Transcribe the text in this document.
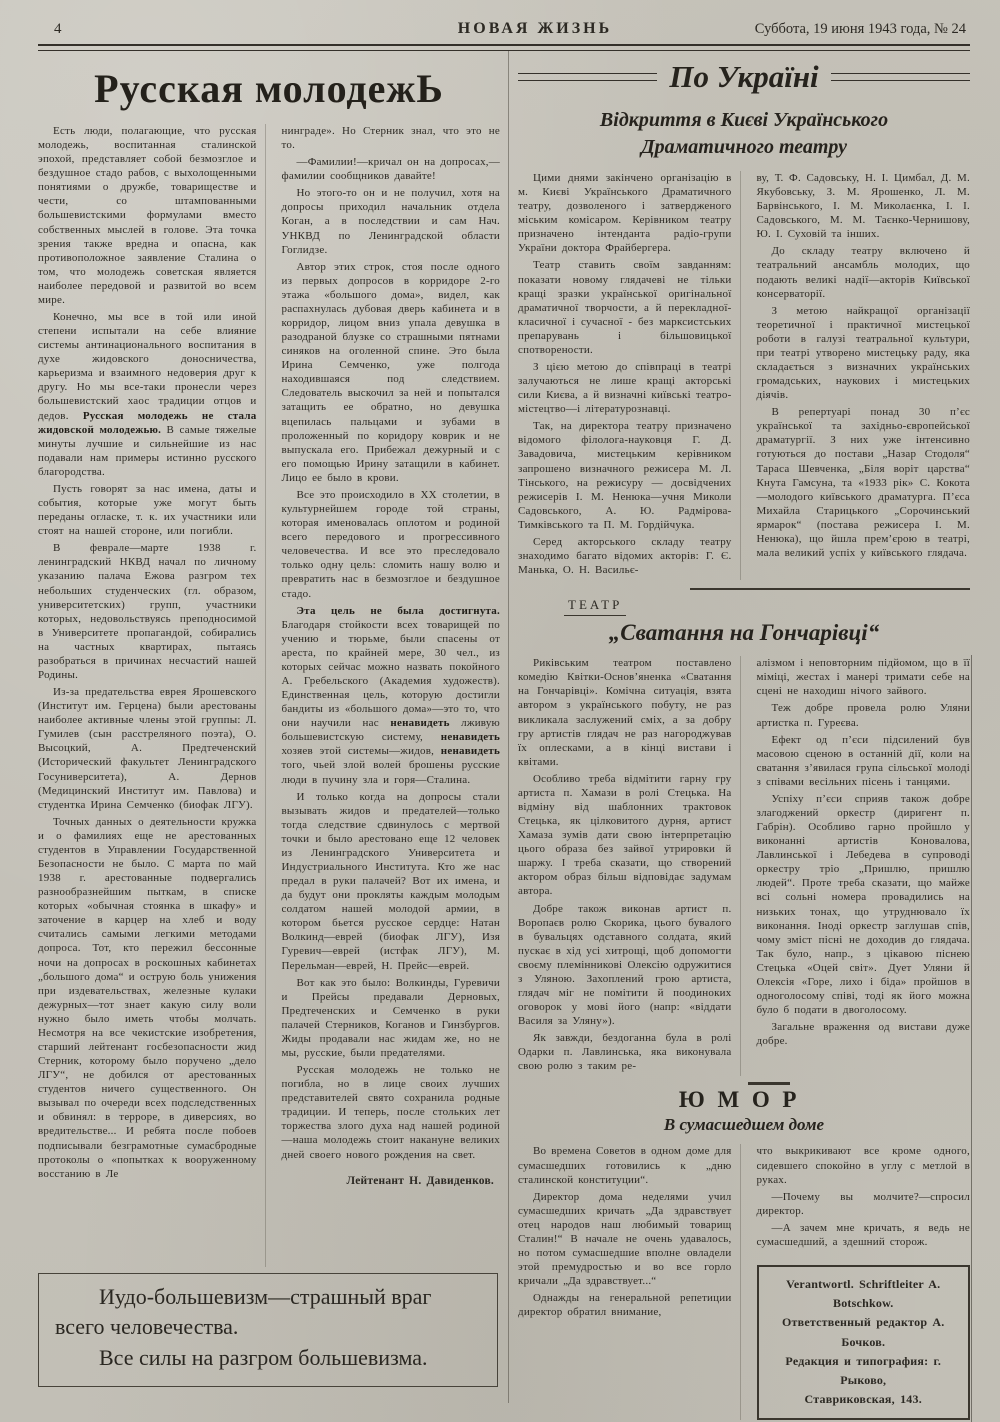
4	НОВАЯ ЖИЗНЬ	Суббота, 19 июня 1943 года, № 24
Русская молодежЬ

Есть люди, полагающие, что русская молодежь, воспитанная сталинской эпохой, представляет собой безмозглое и бездушное стадо рабов, с выхолощенными понятиями о дружбе, товариществе и чести, со штампованными большевистскими формулами вместо собственных мыслей в голове. Эта точка зрения также вредна и опасна, как противоположное заявление Сталина о том, что молодежь советская является наиболее передовой и развитой во всем мире.

Конечно, мы все в той или иной степени испытали на себе влияние системы антинационального воспитания в духе жидовского доносничества, карьеризма и взаимного недоверия друг к другу. Но мы все-таки пронесли через большевистский хаос традиции отцов и дедов. Русская молодежь не стала жидовской молодежью. В самые тяжелые минуты лучшие и сильнейшие из нас подавали нам примеры истинно русского благородства.

Пусть говорят за нас имена, даты и события, которые уже могут быть переданы огласке, т. к. их участники или стоят на нашей стороне, или погибли.

В феврале—марте 1938 г. ленинградский НКВД начал по личному указанию палача Ежова разгром тех небольших студенческих (гл. образом, университетских) групп, участники которых, недовольствуясь преподносимой в Университете пропагандой, собирались на частных квартирах, пытаясь разобраться в причинах несчастий нашей Родины.

Из-за предательства еврея Ярошевского (Институт им. Герцена) были арестованы наиболее активные члены этой группы: Л. Гумилев (сын расстреляного поэта), О. Высоцкий, А. Предтеченский (Исторический факультет Ленинградского Госуниверситета), А. Дернов (Медицинский Институт им. Павлова) и студентка Ирина Семченко (биофак ЛГУ).

Точных данных о деятельности кружка и о фамилиях еще не арестованных студентов в Управлении Государственной Безопасности не было. С марта по май 1938 г. арестованные подвергались разнообразнейшим пыткам, в списке которых «обычная стоянка в шкафу» и заточение в карцер на хлеб и воду считались самыми легкими методами допроса. Тот, кто пережил бессонные ночи на допросах в роскошных кабинетах „большого дома“ и острую боль унижения при издевательствах, железные кулаки дежурных—тот знает какую силу воли нужно было иметь чтобы молчать. Несмотря на все чекистские изобретения, старший лейтенант госбезопасности жид Стерник, которому было поручено „дело ЛГУ“, не добился от арестованных студентов ничего существенного. Он вызывал по очереди всех подследственных и обвинял: в терроре, в диверсиях, во вредительстве... И ребята после побоев подписывали безграмотные сумасбродные протоколы о «попытках к вооруженному восстанию в Ле

нинграде». Но Стерник знал, что это не то.

—Фамилии!—кричал он на допросах,—фамилии сообщников давайте!

Но этого-то он и не получил, хотя на допросы приходил начальник отдела Коган, а в последствии и сам Нач. УНКВД по Ленинградской области Гоглидзе.

Автор этих строк, стоя после одного из первых допросов в корридоре 2-го этажа «большого дома», видел, как распахнулась дубовая дверь кабинета и в корридор, лицом вниз упала девушка в разодраной блузке со страшными пятнами синяков на оголенной спине. Это была Ирина Семченко, уже полгода находившаяся под следствием. Следователь выскочил за ней и попытался затащить ее обратно, но девушка вцепилась пальцами и зубами в проложенный по коридору коврик и не выпускала его. Прибежал дежурный и с его помощью Ирину затащили в кабинет. Лицо ее было в крови.

Все это происходило в XX столетии, в культурнейшем городе той страны, которая именовалась оплотом и родиной всего передового и прогрессивного человечества. И все это преследовало только одну цель: сломить нашу волю и превратить нас в безмозглое и бездушное стадо.

Эта цель не была достигнута. Благодаря стойкости всех товарищей по учению и тюрьме, были спасены от ареста, по крайней мере, 30 чел., из которых сейчас можно назвать покойного А. Гребельского (Академия художеств). Единственная цель, которую достигли бандиты из «большого дома»—это то, что они научили нас ненавидеть лживую большевистскую систему, ненавидеть хозяев этой системы—жидов, ненавидеть того, чьей злой волей брошены русские люди в пучину зла и горя—Сталина.

И только когда на допросы стали вызывать жидов и предателей—только тогда следствие сдвинулось с мертвой точки и было арестовано еще 12 человек из Ленинградского Университета и Индустриального Института. Кто же нас предал в руки палачей? Вот их имена, и да будут они прокляты каждым молодым солдатом нашей молодой армии, в котором бьется русское сердце: Натан Волкинд—еврей (биофак ЛГУ), Изя Гуревич—еврей (истфак ЛГУ), М. Перельман—еврей, Н. Прейс—еврей.

Вот как это было: Волкинды, Гуревичи и Прейсы предавали Дерновых, Предтеченских и Семченко в руки палачей Стерников, Коганов и Гинзбургов. Жиды продавали нас жидам же, но не мы, русские, были предателями.

Русская молодежь не только не погибла, но в лице своих лучших представителей свято сохранила родные традиции. И теперь, после стольких лет торжества злого духа над нашей родиной—наша молодежь стоит накануне великих дней своего нового рождения на свет.

Лейтенант Н. Давиденков.

Иудо-большевизм—страшный враг всего человечества.

Все силы на разгром большевизма.

По Україні
Відкриття в Києві Українського
Драматичного театру

Цими днями закінчено організацію в м. Києві Українського Драматичного театру, дозволеного і затвердженого міським комісаром. Керівником театру призначено інтенданта радіо-групи України доктора Фрайбергера.

Театр ставить своїм завданням: показати новому глядачеві не тільки кращі зразки української оригінальної драматичної творчости, а й перекладної-класичної і сучасної - без марксистських препарувань і більшовицької спотворености.

З цією метою до співпраці в театрі залучаються не лише кращі акторські сили Києва, а й визначні київські театро-містецтво—і літературознавці.

Так, на директора театру призначено відомого філолога-науковця Г. Д. Завадовича, мистецьким керівником запрошено визначного режисера М. Л. Тінського, на режисуру — досвідчених режисерів І. М. Ненюка—учня Миколи Садовського, А. Ю. Радмірова-Тимківського та П. М. Гордійчука.

Серед акторського складу театру знаходимо багато відомих акторів: Г. Є. Манька, О. Н. Васильє-

ву, Т. Ф. Садовську, Н. І. Цимбал, Д. М. Якубовську, З. М. Ярошенко, Л. М. Барвінського, І. М. Миколаєнка, І. І. Садовського, М. М. Таєнко-Чернишову, Ю. І. Суховій та інших.

До складу театру включено й театральний ансамбль молодих, що подають великі надії—акторів Київської консерваторії.

З метою найкращої організації теоретичної і практичної мистецької роботи в галузі театральної культури, при театрі утворено мистецьку раду, яка складається з визначних українських громадських, наукових і мистецьких діячів.

В репертуарі понад 30 п’єс української та західньо-європейської драматургії. З них уже інтенсивно готуються до постави „Назар Стодоля“ Тараса Шевченка, „Біля воріт царства“ Кнута Гамсуна, та «1933 рік» С. Кокота—молодого київського драматурга. П’єса Михайла Старицького „Сорочинський ярмарок“ (постава режисера І. М. Ненюка), що йшла прем’єрою в театрі, мала великий успіх у київського глядача.

ТЕАТР
„Сватання на Гончарівці“

Риківським театром поставлено комедію Квітки-Основ’яненка «Сватання на Гончарівці». Комічна ситуація, взята автором з українського побуту, не раз викликала заслужений сміх, а за добру гру артистів глядач не раз нагороджував їх оплесками, а в кінці вистави і квітами.

Особливо треба відмітити гарну гру артиста п. Хамази в ролі Стецька. На відміну від шаблонних трактовок Стецька, як цілковитого дурня, артист Хамаза зумів дати свою інтерпретацію цього образа без зайвої утрировки й шаржу. І треба сказати, що створений актором образ більш відповідає задумам автора.

Добре також виконав артист п. Воропаєв ролю Скорика, цього бувалого в бувальцях одставного солдата, який пускає в хід усі хитрощі, щоб допомогти своєму племінникові Олексію одружитися з Уляною. Захоплений грою артиста, глядач міг не помітити й поодиноких оговорок у мові його (напр: «віддати Василя за Уляну»).

Як завжди, бездоганна була в ролі Одарки п. Лавлинська, яка виконувала свою ролю з таким ре-

алізмом і неповторним підйомом, що в її міміці, жестах і манері тримати себе на сцені не находиш нічого зайвого.

Теж добре провела ролю Уляни артистка п. Гуреєва.

Ефект од п’єси підсилений був масовою сценою в останній дії, коли на сватання з’явилася група сільської молоді з співами весільних пісень і танцями.

Успіху п’єси сприяв також добре злагоджений оркестр (диригент п. Габрін). Особливо гарно пройшло у виконанні артистів Коновалова, Лавлинської і Лебедева в супроводі оркестру тріо „Пришлю, пришлю людей“. Проте треба сказати, що майже всі сольні номера провадились на низьких тонах, що утруднювало їх виконання. Іноді оркестр заглушав спів, чому зміст пісні не доходив до глядача. Так було, напр., з цікавою піснею Стецька «Оцей світ». Дует Уляни й Олексія «Горе, лихо і біда» пройшов в одноголосому співі, тоді як його можна було б подати в двоголосому.

Загальне враження од вистави дуже добре.

ЮМОР
В сумасшедшем доме

Во времена Советов в одном доме для сумасшедших готовились к „дню сталинской конституции“.

Директор дома неделями учил сумасшедших кричать „Да здравствует отец народов наш любимый товарищ Сталин!“ В начале не очень удавалось, но потом сумасшедшие вполне овладели этой премудростью и во все горло кричали „Да здравствует...“

Однажды на генеральной репетиции директор обратил внимание,

что выкрикивают все кроме одного, сидевшего спокойно в углу с метлой в руках.

—Почему вы молчите?—спросил директор.

—А зачем мне кричать, я ведь не сумасшедший, а здешний сторож.

Verantwortl. Schriftleiter A. Botschkow.

Ответственный редактор А. Бочков.

Редакция и типография: г. Рыково,

Ставриковская, 143.
